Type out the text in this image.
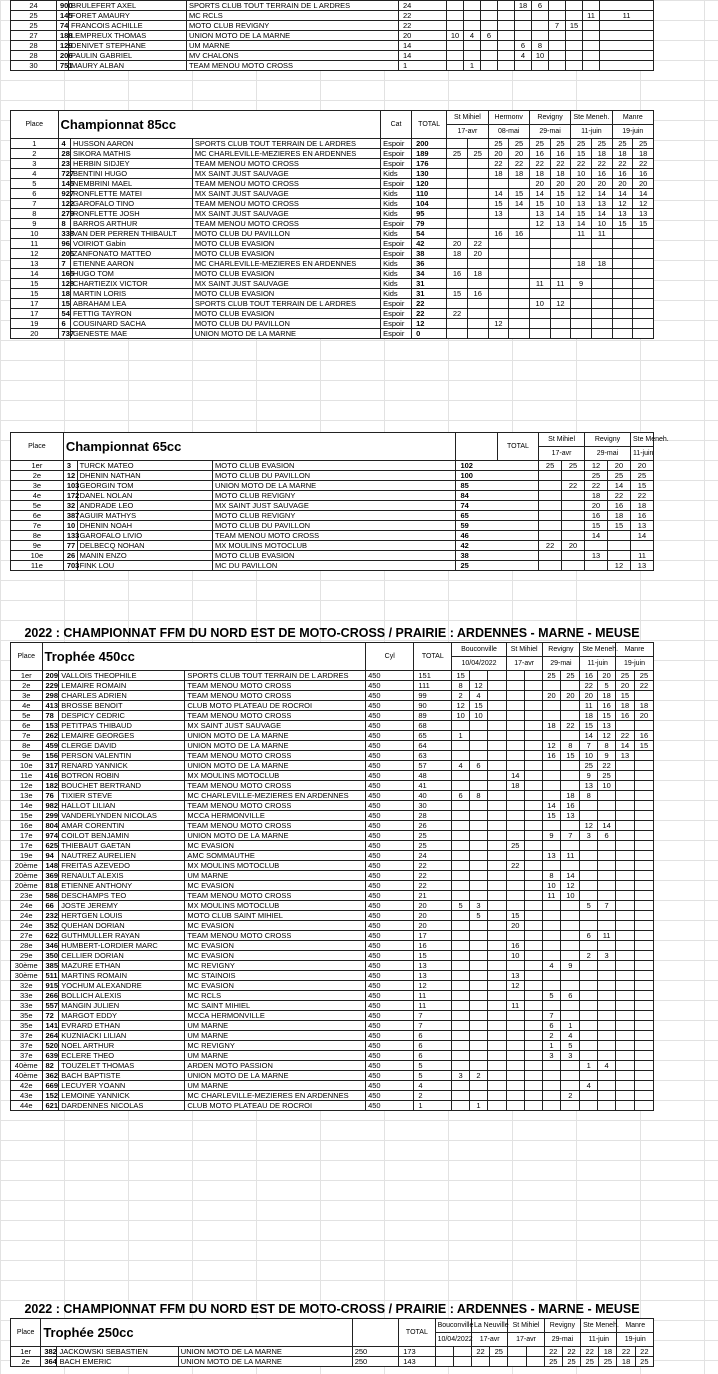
24	900	BRULEFERT AXEL	SPORTS CLUB TOUT TERRAIN DE L ARDRES	24					18	6				
25	145	FORET AMAURY	MC RCLS	22									11	11
25	74	FRANCOIS ACHILLE	MOTO CLUB REVIGNY	22							7	15		
27	188	LEMPREUX THOMAS	UNION MOTO DE LA MARNE	20	10	4	6							
28	129	DENIVET STEPHANE	UM MARNE	14					6	8				
28	206	PAULIN GABRIEL	MV CHALONS	14					4	10				
30	751	MAURY ALBAN	TEAM MENOU MOTO CROSS	1		1								
Place	Championnat 85cc			Cat	TOTAL	St Mihiel		Hermonv		Revigny		Ste Meneh.		Manre	
						17-avr		08-mai		29-mai		11-juin		19-juin	
1	4	HUSSON AARON	SPORTS CLUB TOUT TERRAIN DE L ARDRES	Espoir	200			25	25	25	25	25	25	25	25
2	28	SIKORA MATHIS	MC CHARLEVILLE-MEZIERES EN ARDENNES	Espoir	189	25	25	20	20	16	16	15	18	18	18
3	23	HERBIN SIDJEY	TEAM MENOU MOTO CROSS	Espoir	176			22	22	22	22	22	22	22	22
4	727	BENTINI HUGO	MX SAINT JUST SAUVAGE	Kids	130			18	18	18	18	10	16	16	16
5	145	NEMBRINI MAEL	TEAM MENOU MOTO CROSS	Espoir	120					20	20	20	20	20	20
6	927	RONFLETTE MATEI	MX SAINT JUST SAUVAGE	Kids	110			14	15	14	15	12	14	14	14
7	122	GAROFALO TINO	TEAM MENOU MOTO CROSS	Kids	104			15	14	15	10	13	13	12	12
8	279	RONFLETTE JOSH	MX SAINT JUST SAUVAGE	Kids	95			13		13	14	15	14	13	13
9	8	BARROS ARTHUR	TEAM MENOU MOTO CROSS	Espoir	79					12	13	14	10	15	15
10	338	VAN DER PERREN THIBAULT	MOTO CLUB DU PAVILLON	Kids	54			16	16			11	11		
11	96	VOIRIOT Gabin	MOTO CLUB EVASION	Espoir	42	20	22								
12	205	ZANFONATO MATTEO	MOTO CLUB EVASION	Espoir	38	18	20								
13	7	ETIENNE AARON	MC CHARLEVILLE-MEZIERES EN ARDENNES	Kids	36							18	18		
14	165	HUGO TOM	MOTO CLUB EVASION	Kids	34	16	18								
15	128	CHARTIEZIX VICTOR	MX SAINT JUST SAUVAGE	Kids	31					11	11	9			
15	18	MARTIN LORIS	MOTO CLUB EVASION	Kids	31	15	16								
17	15	ABRAHAM LEA	SPORTS CLUB TOUT TERRAIN DE L ARDRES	Espoir	22					10	12				
17	54	FETTIG TAYRON	MOTO CLUB EVASION	Espoir	22	22									
19	6	COUSINARD SACHA	MOTO CLUB DU PAVILLON	Espoir	12			12							
20	737	GENESTE MAE	UNION MOTO DE LA MARNE	Espoir	0										
Place	Championnat 65cc				TOTAL	St Mihiel		Revigny		Ste Meneh.
						17-avr		29-mai		11-juin
1er	3	TURCK MATEO	MOTO CLUB EVASION	102		25	25	12	20	20
2e	12	DHENIN NATHAN	MOTO CLUB DU PAVILLON	100				25	25	25
3e	103	GEORGIN TOM	UNION MOTO DE LA MARNE	85			22	22	14	15
4e	172	DANEL NOLAN	MOTO CLUB REVIGNY	84				18	22	22
5e	32	ANDRADE LEO	MX SAINT JUST SAUVAGE	74				20	16	18
6e	387	AGUIR MATHYS	MOTO CLUB REVIGNY	65				16	18	16
7e	10	DHENIN NOAH	MOTO CLUB DU PAVILLON	59				15	15	13
8e	133	GAROFALO LIVIO	TEAM MENOU MOTO CROSS	46				14		14
9e	77	DELBECQ NOHAN	MX MOULINS MOTOCLUB	42		22	20			
10e	26	MANIN ENZO	MOTO CLUB EVASION	38				13		11
11e	703	FINK LOU	MC DU PAVILLON	25					12	13
2022 : CHAMPIONNAT FFM DU NORD EST DE MOTO-CROSS / PRAIRIE : ARDENNES - MARNE - MEUSE
Place	Trophée 450cc			Cyl	TOTAL	Bouconville			St Mihiel		Revigny		Ste Meneh.		Manre	
						10/04/2022			17-avr		29-mai		11-juin		19-juin	
1er	209	VALLOIS THEOPHILE	SPORTS CLUB TOUT TERRAIN DE L ARDRES	450	151	15					25	25	16	20	25	25
2e	229	LEMAIRE ROMAIN	TEAM MENOU MOTO CROSS	450	111	8	12						22	5	20	22
3e	298	CHARLES ADRIEN	TEAM MENOU MOTO CROSS	450	99	2	4				20	20	20	18	15	
4e	413	BROSSE BENOIT	CLUB MOTO PLATEAU DE ROCROI	450	90	12	15						11	16	18	18
5e	78	DESPICY CEDRIC	TEAM MENOU MOTO CROSS	450	89	10	10						18	15	16	20
6e	153	PETITPAS THIBAUD	MX SAINT JUST SAUVAGE	450	68						18	22	15	13		
7e	262	LEMAIRE GEORGES	UNION MOTO DE LA MARNE	450	65	1							14	12	22	16
8e	459	CLERGE DAVID	UNION MOTO DE LA MARNE	450	64						12	8	7	8	14	15
9e	156	PERSON VALENTIN	TEAM MENOU MOTO CROSS	450	63						16	15	10	9	13	
10e	317	RENARD YANNICK	UNION MOTO DE LA MARNE	450	57	4	6						25	22		
11e	416	BOTRON ROBIN	MX MOULINS MOTOCLUB	450	48				14				9	25		
12e	182	BOUCHET BERTRAND	TEAM MENOU MOTO CROSS	450	41				18				13	10		
13e	76	TIXIER STEVE	MC CHARLEVILLE-MEZIERES EN ARDENNES	450	40	6	8					18	8			
14e	982	HALLOT LILIAN	TEAM MENOU MOTO CROSS	450	30						14	16				
15e	299	VANDERLYNDEN NICOLAS	MCCA HERMONVILLE	450	28						15	13				
16e	804	AMAR CORENTIN	TEAM MENOU MOTO CROSS	450	26								12	14		
17e	974	COILOT BENJAMIN	UNION MOTO DE LA MARNE	450	25						9	7	3	6		
17e	625	THIEBAUT GAETAN	MC EVASION	450	25				25							
19e	94	NAUTREZ AURELIEN	AMC SOMMAUTHE	450	24						13	11				
20ème	148	FREITAS AZEVEDO	MX MOULINS MOTOCLUB	450	22				22							
20ème	369	RENAULT ALEXIS	UM MARNE	450	22						8	14				
20ème	818	ETIENNE ANTHONY	MC EVASION	450	22						10	12				
23e	586	DESCHAMPS TEO	TEAM MENOU MOTO CROSS	450	21						11	10				
24e	66	JOSTE JEREMY	MX MOULINS MOTOCLUB	450	20	5	3						5	7		
24e	232	HERTGEN LOUIS	MOTO CLUB SAINT MIHIEL	450	20		5		15							
24e	352	QUEHAN DORIAN	MC EVASION	450	20				20							
27e	622	GUTHMULLER RAYAN	TEAM MENOU MOTO CROSS	450	17								6	11		
28e	346	HUMBERT-LORDIER MARC	MC EVASION	450	16				16							
29e	350	CELLIER DORIAN	MC EVASION	450	15				10				2	3		
30ème	385	MAZURE ETHAN	MC REVIGNY	450	13						4	9				
30ème	511	MARTINS ROMAIN	MC STAINOIS	450	13				13							
32e	915	YOCHUM ALEXANDRE	MC EVASION	450	12				12							
33e	266	BOLLICH ALEXIS	MC RCLS	450	11						5	6				
33e	557	MANGIN JULIEN	MC SAINT MIHIEL	450	11				11							
35e	72	MARGOT EDDY	MCCA HERMONVILLE	450	7						7					
35e	141	EVRARD ETHAN	UM MARNE	450	7						6	1				
37e	264	KUZNIACKI LILIAN	UM MARNE	450	6						2	4				
37e	520	NOEL ARTHUR	MC REVIGNY	450	6						1	5				
37e	639	ECLERE THEO	UM MARNE	450	6						3	3				
40ème	82	TOUZELET THOMAS	ARDEN MOTO PASSION	450	5								1	4		
40ème	362	BACH BAPTISTE	UNION MOTO DE LA MARNE	450	5	3	2									
42e	669	LECUYER YOANN	UM MARNE	450	4								4			
43e	152	LEMOINE YANNICK	MC CHARLEVILLE-MEZIERES EN ARDENNES	450	2							2				
44e	621	DARDENNES NICOLAS	CLUB MOTO PLATEAU DE ROCROI	450	1		1									
2022 : CHAMPIONNAT FFM DU NORD EST DE MOTO-CROSS / PRAIRIE : ARDENNES - MARNE - MEUSE
Place	Trophée 250cc				TOTAL	Bouconville		La Neuville		St Mihiel		Revigny		Ste Meneh.		Manre	
						10/04/2022		17-avr		17-avr		29-mai		11-juin		19-juin	
1er	382	JACKOWSKI SEBASTIEN	UNION MOTO DE LA MARNE	250	173			22	25			22	22	22	18	22	22
2e	364	BACH EMERIC	UNION MOTO DE LA MARNE	250	143							25	25	25	25	18	25
